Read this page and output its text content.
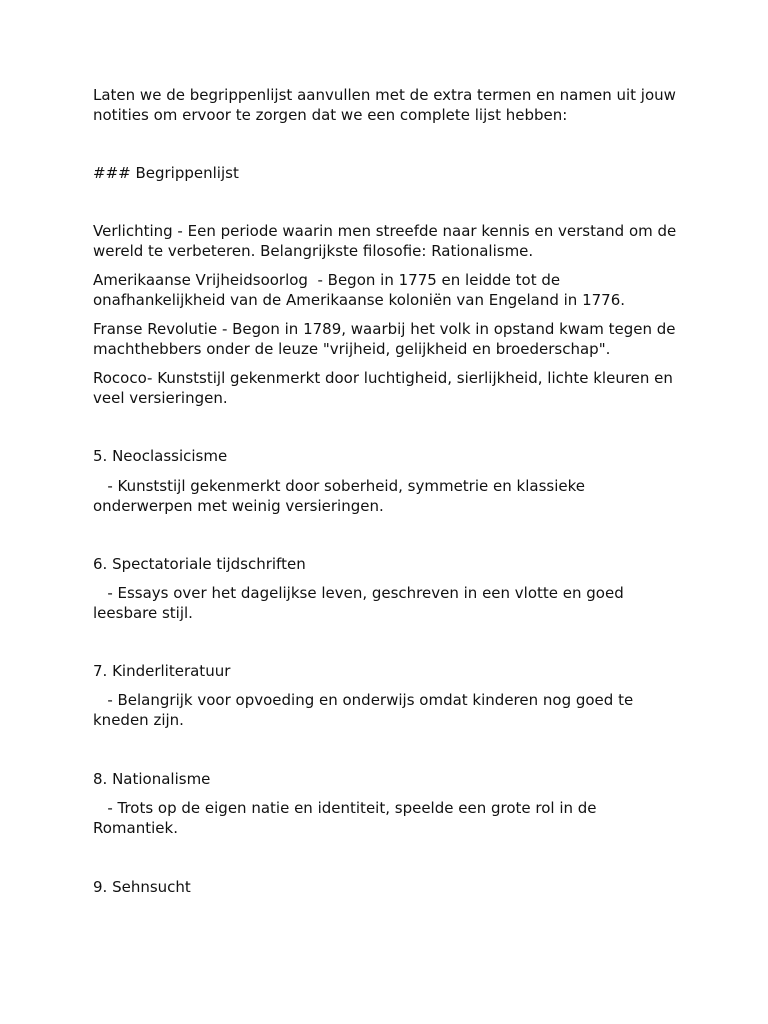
Laten we de begrippenlijst aanvullen met de extra termen en namen uit jouw notities om ervoor te zorgen dat we een complete lijst hebben:

### Begrippenlijst

Verlichting - Een periode waarin men streefde naar kennis en verstand om de wereld te verbeteren. Belangrijkste filosofie: Rationalisme.

Amerikaanse Vrijheidsoorlog  - Begon in 1775 en leidde tot de onafhankelijkheid van de Amerikaanse koloniën van Engeland in 1776.

Franse Revolutie - Begon in 1789, waarbij het volk in opstand kwam tegen de machthebbers onder de leuze "vrijheid, gelijkheid en broederschap".

Rococo- Kunststijl gekenmerkt door luchtigheid, sierlijkheid, lichte kleuren en veel versieringen.

5. Neoclassicisme

- Kunststijl gekenmerkt door soberheid, symmetrie en klassieke onderwerpen met weinig versieringen.

6. Spectatoriale tijdschriften

- Essays over het dagelijkse leven, geschreven in een vlotte en goed leesbare stijl.

7. Kinderliteratuur

- Belangrijk voor opvoeding en onderwijs omdat kinderen nog goed te kneden zijn.

8. Nationalisme

- Trots op de eigen natie en identiteit, speelde een grote rol in de Romantiek.

9. Sehnsucht
